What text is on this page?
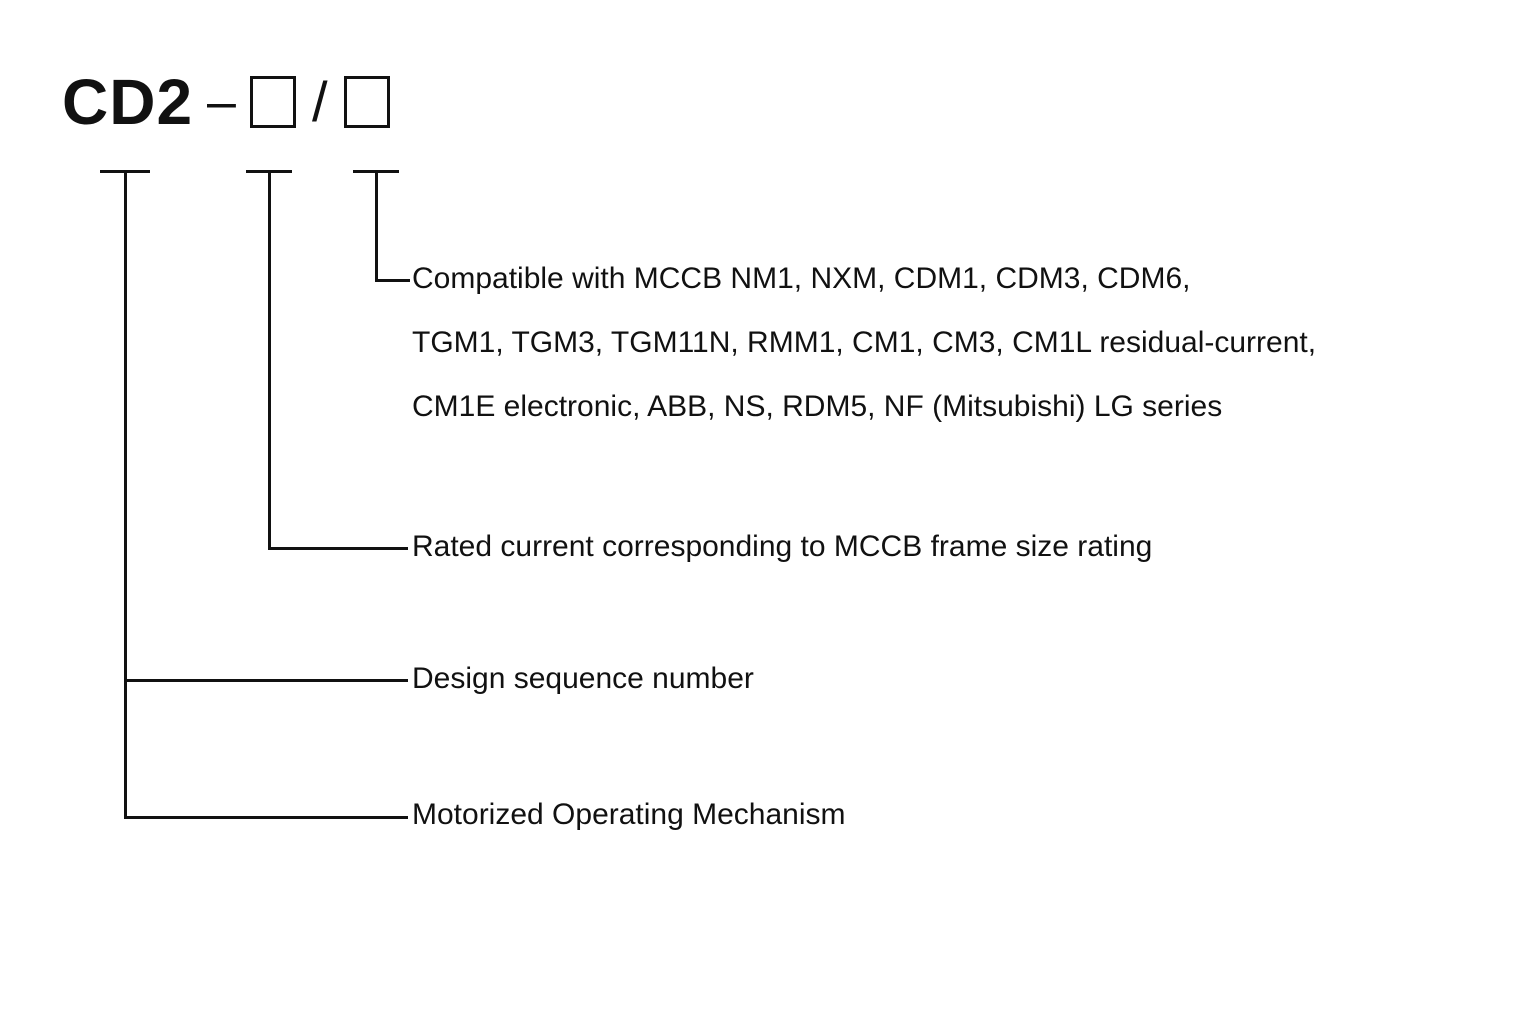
CD2 – /
Compatible with MCCB NM1, NXM, CDM1, CDM3, CDM6,
TGM1, TGM3, TGM11N, RMM1, CM1, CM3, CM1L residual-current,
CM1E electronic, ABB, NS, RDM5, NF (Mitsubishi) LG series
Rated current corresponding to MCCB frame size rating
Design sequence number
Motorized Operating Mechanism
